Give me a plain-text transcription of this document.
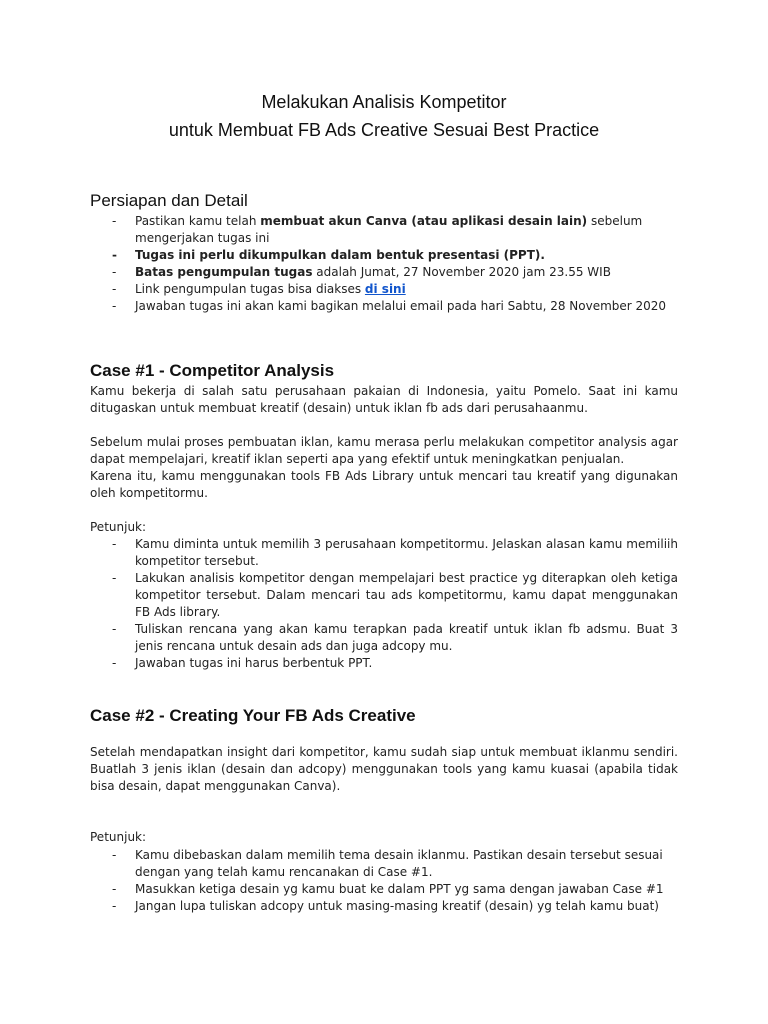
Melakukan Analisis Kompetitor
untuk Membuat FB Ads Creative Sesuai Best Practice
Persiapan dan Detail
- Pastikan kamu telah membuat akun Canva (atau aplikasi desain lain) sebelum mengerjakan tugas ini
- Tugas ini perlu dikumpulkan dalam bentuk presentasi (PPT).
- Batas pengumpulan tugas adalah Jumat, 27 November 2020 jam 23.55 WIB
- Link pengumpulan tugas bisa diakses di sini
- Jawaban tugas ini akan kami bagikan melalui email pada hari Sabtu, 28 November 2020
Case #1 - Competitor Analysis

Kamu bekerja di salah satu perusahaan pakaian di Indonesia, yaitu Pomelo. Saat ini kamu ditugaskan untuk membuat kreatif (desain) untuk iklan fb ads dari perusahaanmu.

Sebelum mulai proses pembuatan iklan, kamu merasa perlu melakukan competitor analysis agar dapat mempelajari, kreatif iklan seperti apa yang efektif untuk meningkatkan penjualan.

Karena itu, kamu menggunakan tools FB Ads Library untuk mencari tau kreatif yang digunakan oleh kompetitormu.

Petunjuk:

- Kamu diminta untuk memilih 3 perusahaan kompetitormu. Jelaskan alasan kamu memiliih kompetitor tersebut.
- Lakukan analisis kompetitor dengan mempelajari best practice yg diterapkan oleh ketiga kompetitor tersebut. Dalam mencari tau ads kompetitormu, kamu dapat menggunakan FB Ads library.
- Tuliskan rencana yang akan kamu terapkan pada kreatif untuk iklan fb adsmu. Buat 3 jenis rencana untuk desain ads dan juga adcopy mu.
- Jawaban tugas ini harus berbentuk PPT.
Case #2 - Creating Your FB Ads Creative

Setelah mendapatkan insight dari kompetitor, kamu sudah siap untuk membuat iklanmu sendiri. Buatlah 3 jenis iklan (desain dan adcopy) menggunakan tools yang kamu kuasai (apabila tidak bisa desain, dapat menggunakan Canva).

Petunjuk:

- Kamu dibebaskan dalam memilih tema desain iklanmu. Pastikan desain tersebut sesuai dengan yang telah kamu rencanakan di Case #1.
- Masukkan ketiga desain yg kamu buat ke dalam PPT yg sama dengan jawaban Case #1
- Jangan lupa tuliskan adcopy untuk masing-masing kreatif (desain) yg telah kamu buat)
